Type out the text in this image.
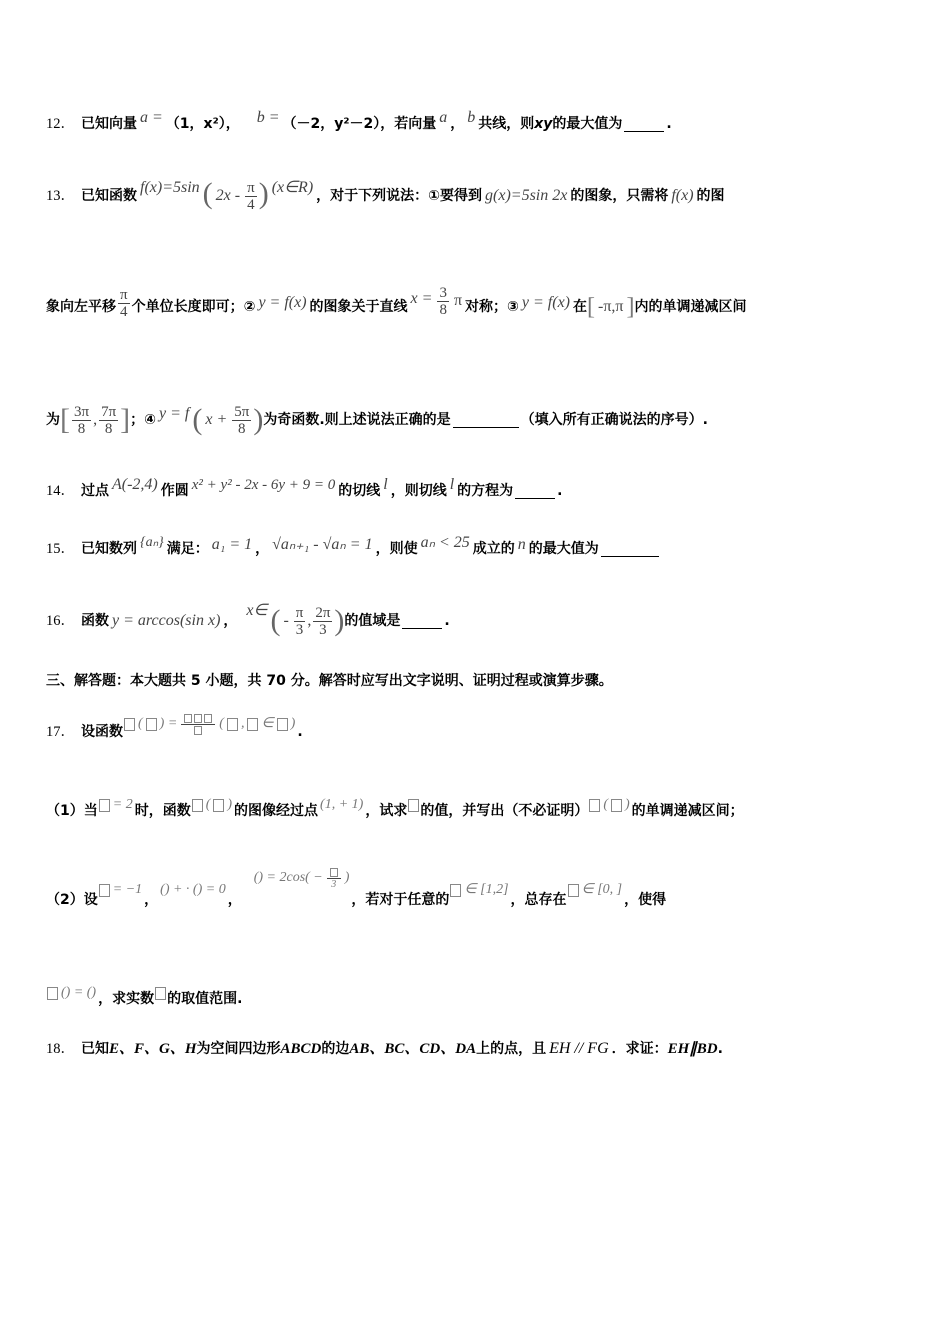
12． 已知向量 a = （1，x²）， b = （－2，y²－2），若向量 a ， b 共线，则 xy 的最大值为	.
13． 已知函数 f(x)=5sin ( $2x - \frac{\pi}{4}$ ) (x∈R) ，对于下列说法：①要得到 g(x)=5sin 2x 的图象，只需将 f(x) 的图
象向左平移 $\frac{\pi}{4}$ 个单位长度即可；② y = f(x) 的图象关于直线 $x = \frac{3}{8}$ π 对称；③ y = f(x) 在 [ -π,π ] 内的单调递减区间
为 [ $\frac{3\pi}{8}$ , $\frac{7\pi}{8}$ ] ；④ y = f ( $x + \frac{5\pi}{8}$ ) 为奇函数.则上述说法正确的是	（填入所有正确说法的序号）.
14． 过点 A(-2,4) 作圆 x² + y² - 2x - 6y + 9 = 0 的切线 l ，则切线 l 的方程为	.
15． 已知数列 {aₙ} 满足： a₁ = 1 ， √aₙ₊₁ - √aₙ = 1 ，则使 aₙ < 25 成立的 n 的最大值为
16． 函数 y = arccos(sin x) ，
x∈ ( - $\frac{\pi}{3}$ , $\frac{2\pi}{3}$ ) 的值域是	.
三、解答题：本大题共 5 小题，共 70 分。解答时应写出文字说明、证明过程或演算步骤。
17． 设函数
( ) =	( , ∈ )
.
（1）当 = 2 时，函数 ( ) 的图像经过点 (1, + 1) ，试求 的值，并写出（不必证明） ( ) 的单调递减区间；
（2）设
= −1
，
() + · () = 0
，
() = 2cos( − 3 )
，若对于任意的
∈ [1,2]
，总存在
∈ [0, ]
，使得
() = () ，求实数 的取值范围.
18． 已知 E、F、G、H 为空间四边形 ABCD 的边 AB、BC、CD、DA 上的点，且 EH // FG ．求证： EH∥BD .
